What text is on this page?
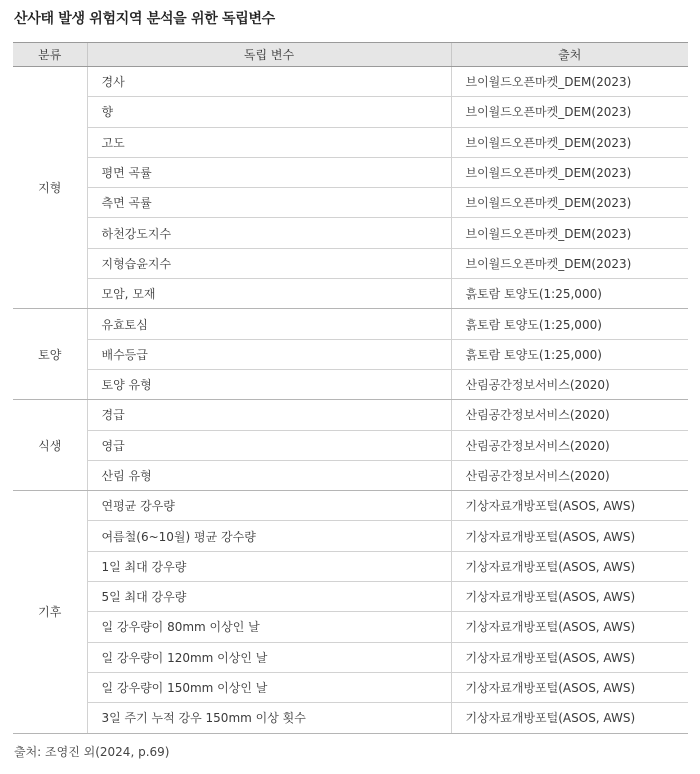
산사태 발생 위험지역 분석을 위한 독립변수
분류	독립 변수	출처
지형	경사	브이월드오픈마켓_DEM(2023)
	향	브이월드오픈마켓_DEM(2023)
	고도	브이월드오픈마켓_DEM(2023)
	평면 곡률	브이월드오픈마켓_DEM(2023)
	측면 곡률	브이월드오픈마켓_DEM(2023)
	하천강도지수	브이월드오픈마켓_DEM(2023)
	지형습윤지수	브이월드오픈마켓_DEM(2023)
	모암, 모재	흙토람 토양도(1:25,000)
토양	유효토심	흙토람 토양도(1:25,000)
	배수등급	흙토람 토양도(1:25,000)
	토양 유형	산림공간정보서비스(2020)
식생	경급	산림공간정보서비스(2020)
	영급	산림공간정보서비스(2020)
	산림 유형	산림공간정보서비스(2020)
기후	연평균 강우량	기상자료개방포털(ASOS, AWS)
	여름철(6~10월) 평균 강수량	기상자료개방포털(ASOS, AWS)
	1일 최대 강우량	기상자료개방포털(ASOS, AWS)
	5일 최대 강우량	기상자료개방포털(ASOS, AWS)
	일 강우량이 80mm 이상인 날	기상자료개방포털(ASOS, AWS)
	일 강우량이 120mm 이상인 날	기상자료개방포털(ASOS, AWS)
	일 강우량이 150mm 이상인 날	기상자료개방포털(ASOS, AWS)
	3일 주기 누적 강우 150mm 이상 횟수	기상자료개방포털(ASOS, AWS)
출처: 조영진 외(2024, p.69)
